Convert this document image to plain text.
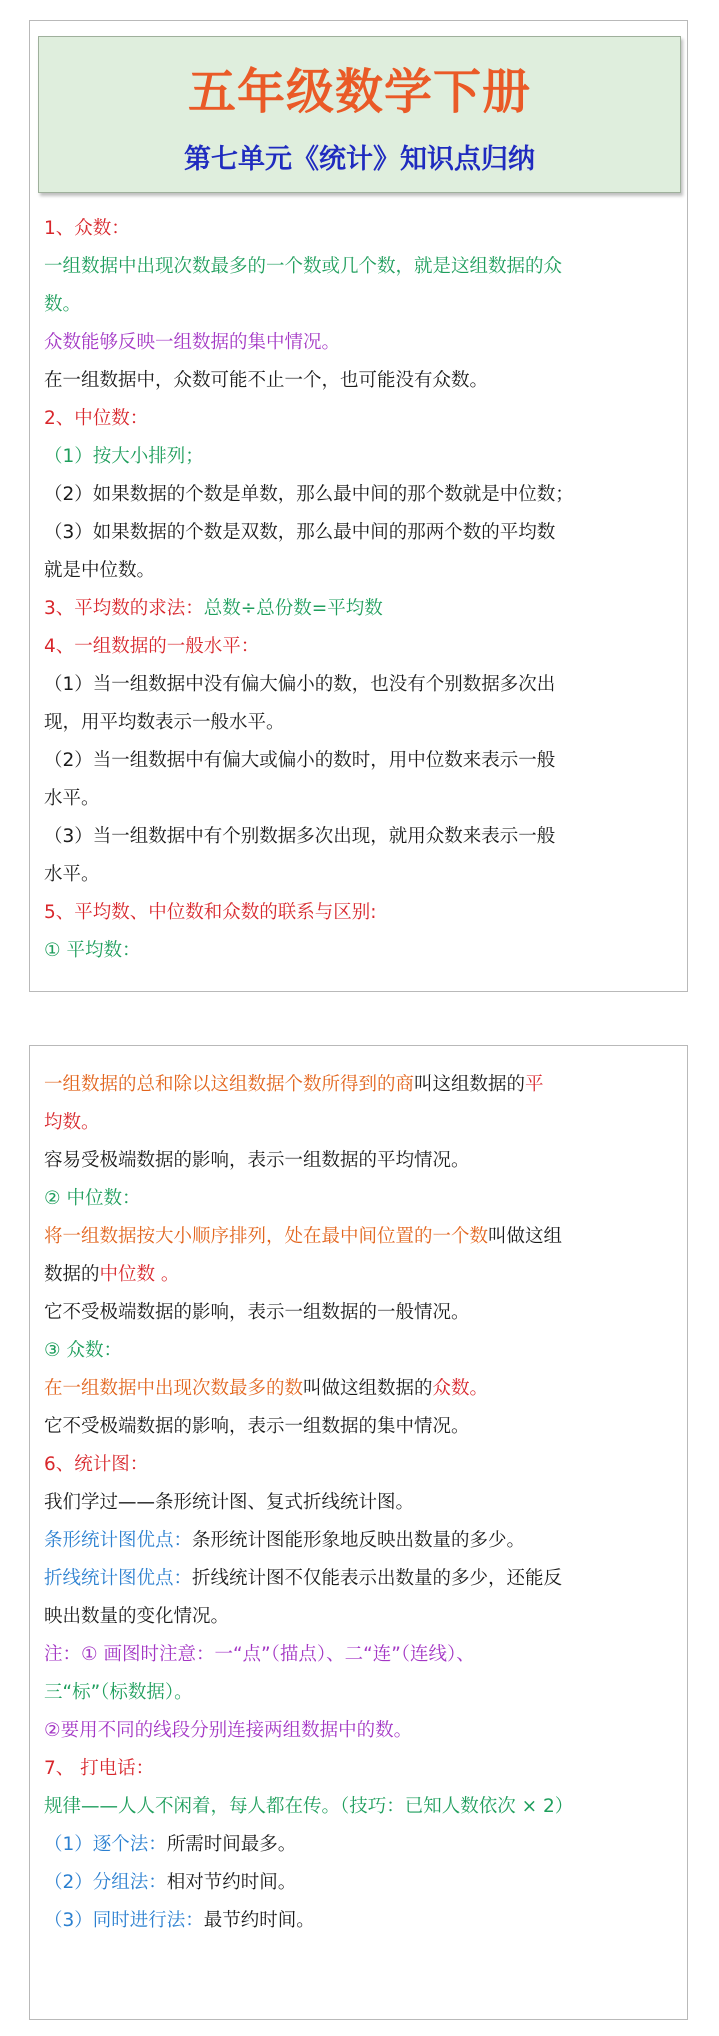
五年级数学下册
第七单元《统计》知识点归纳
1、众数：
一组数据中出现次数最多的一个数或几个数，就是这组数据的众
数。
众数能够反映一组数据的集中情况。
在一组数据中，众数可能不止一个，也可能没有众数。
2、中位数：
（1）按大小排列；
（2）如果数据的个数是单数，那么最中间的那个数就是中位数；
（3）如果数据的个数是双数，那么最中间的那两个数的平均数
就是中位数。
3、平均数的求法：总数÷总份数=平均数
4、一组数据的一般水平：
（1）当一组数据中没有偏大偏小的数，也没有个别数据多次出
现，用平均数表示一般水平。
（2）当一组数据中有偏大或偏小的数时，用中位数来表示一般
水平。
（3）当一组数据中有个别数据多次出现，就用众数来表示一般
水平。
5、平均数、中位数和众数的联系与区别:
① 平均数：
一组数据的总和除以这组数据个数所得到的商叫这组数据的平
均数。
容易受极端数据的影响，表示一组数据的平均情况。
② 中位数：
将一组数据按大小顺序排列，处在最中间位置的一个数叫做这组
数据的中位数 。
它不受极端数据的影响，表示一组数据的一般情况。
③ 众数：
在一组数据中出现次数最多的数叫做这组数据的众数。
它不受极端数据的影响，表示一组数据的集中情况。
6、统计图：
我们学过——条形统计图、复式折线统计图。
条形统计图优点：条形统计图能形象地反映出数量的多少。
折线统计图优点：折线统计图不仅能表示出数量的多少，还能反
映出数量的变化情况。
注：① 画图时注意：一“点”（描点）、二“连”（连线）、
三“标”（标数据）。
②要用不同的线段分别连接两组数据中的数。
7、 打电话：
规律——人人不闲着，每人都在传。（技巧：已知人数依次 × 2）
（1）逐个法：所需时间最多。
（2）分组法：相对节约时间。
（3）同时进行法：最节约时间。
